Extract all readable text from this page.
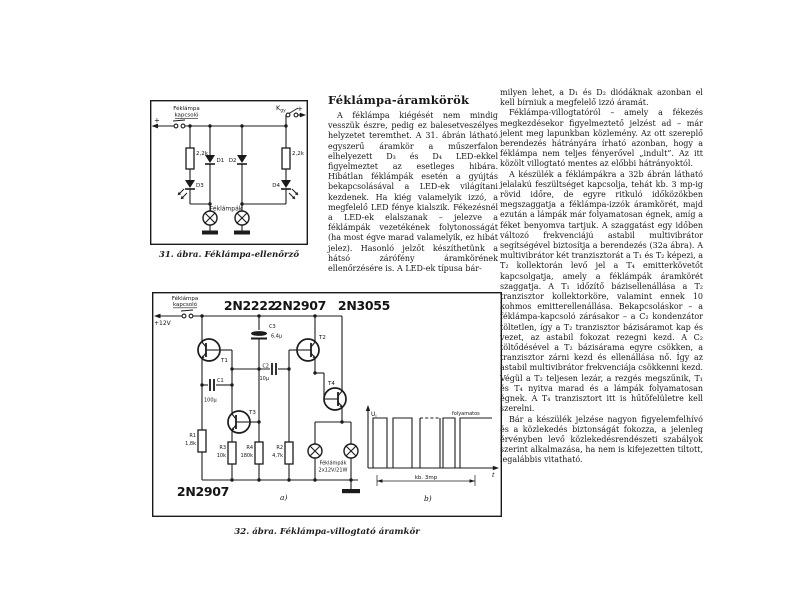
Féklámpa
kapcsoló
+
+
Kgy
2,2k	2,2k
D3
D1 D2
D4
Féklámpák
31. ábra. Féklámpa-ellenőrző
Féklámpa-áramkörök

A féklámpa kiégését nem mindig vesszük észre, pedig ez balesetveszélyes helyzetet teremthet. A 31. ábrán látható egyszerű áramkör a műszerfalon elhelyezett D₃ és D₄ LED-ekkel figyelmeztet az esetleges hibára. Hibátlan féklámpák esetén a gyújtás bekapcsolásával a LED-ek világítani kezdenek. Ha kiég valamelyik izzó, a megfelelő LED fénye kialszik. Fékezésnél a LED-ek elalszanak – jelezve a féklámpák vezetékének folytonosságát (ha most égve marad valamelyik, ez hibát jelez). Hasonló jelzőt készíthetünk a hátsó zárófény áramkörének ellenőrzésére is. A LED-ek típusa bár-

milyen lehet, a D₁ és D₂ diódáknak azonban el kell bírniuk a megfelelő izzó áramát.

Féklámpa-villogtatóról – amely a fékezés megkezdésekor figyelmeztető jelzést ad – már jelent meg lapunkban közlemény. Az ott szereplő berendezés hátrányára írható azonban, hogy a féklámpa nem teljes fényerővel „indult”. Az itt közölt villogtató mentes az előbbi hátrányoktól.

A készülék a féklámpákra a 32b ábrán látható jelalakú feszültséget kapcsolja, tehát kb. 3 mp-ig rövid időre, de egyre ritkuló időközökben megszaggatja a féklámpa-izzók áramkörét, majd ezután a lámpák már folyamatosan égnek, amíg a féket benyomva tartjuk. A szaggatást egy időben változó frekvenciájú astabil multivibrátor segítségével biztosítja a berendezés (32a ábra). A multivibrátor két tranzisztorát a T₁ és T₂ képezi, a T₂ kollektorán levő jel a T₄ emitterkövetőt kapcsolgatja, amely a féklámpák áramkörét szaggatja. A T₁ időzítő bázisellenállása a T₂ tranzisztor kollektorköre, valamint ennek 10 kohmos emitterellenállása. Bekapcsoláskor – a féklámpa-kapcsoló zárásakor – a C₂ kondenzátor töltetlen, így a T₂ tranzisztor bázisáramot kap és vezet, az astabil fokozat rezegni kezd. A C₂ töltődésével a T₂ bázisárama egyre csökken, a tranzisztor zárni kezd és ellenállása nő. Így az astabil multivibrátor frekvenciája csökkenni kezd. Végül a T₂ teljesen lezár, a rezgés megszűnik, T₁ és T₄ nyitva marad és a lámpák folyamatosan égnek. A T₄ tranzisztort itt is hűtőfelületre kell szerelni.

Bár a készülék jelzése nagyon figyelemfelhívó és a közlekedés biztonságát fokozza, a jelenleg érvényben levő közlekedésrendészeti szabályok szerint alkalmazása, ha nem is kifejezetten tiltott, legalábbis vitatható.

2N2222
2N2907 2N3055
2N2907
Féklámpa
kapcsoló
+12V
T1
T2
T3
T4
C3
6,4μ
C2
10μ
C1
100μ
R1
1,8k
R3
10k
R4
180k
R2
4,7k
Féklámpák
2x12V/21W
a)	b)
UL
t
folyamatos
kb. 3mp
32. ábra. Féklámpa-villogtató áramkör
